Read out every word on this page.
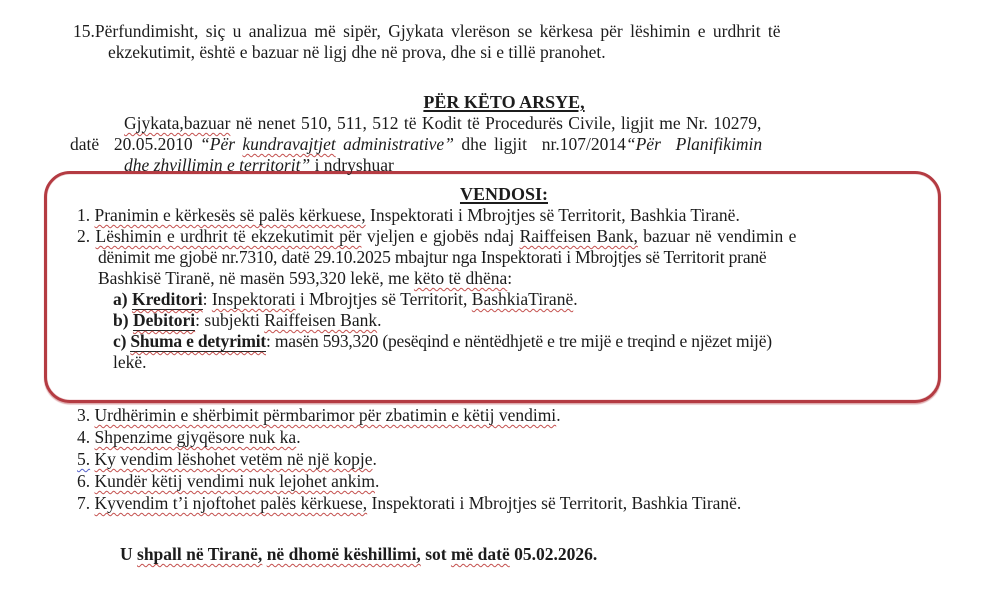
15.Përfundimisht, siç u analizua më sipër, Gjykata vlerëson se kërkesa për lëshimin e urdhrit të
ekzekutimit, është e bazuar në ligj dhe në prova, dhe si e tillë pranohet.
PËR KËTO ARSYE,
Gjykata,bazuar në nenet 510, 511, 512 të Kodit të Procedurës Civile, ligjit me Nr. 10279,
datë  20.05.2010 “Për kundravajtjet administrative” dhe ligjit  nr.107/2014“Për  Planifikimin
dhe zhvillimin e territorit” i ndryshuar
VENDOSI:
1. Pranimin e kërkesës së palës kërkuese, Inspektorati i Mbrojtjes së Territorit, Bashkia Tiranë.
2. Lëshimin e urdhrit të ekzekutimit për vjeljen e gjobës ndaj Raiffeisen Bank, bazuar në vendimin e
dënimit me gjobë nr.7310, datë 29.10.2025 mbajtur nga Inspektorati i Mbrojtjes së Territorit pranë
Bashkisë Tiranë, në masën 593,320 lekë, me këto të dhëna:
a) Kreditori: Inspektorati i Mbrojtjes së Territorit, BashkiaTiranë.
b) Debitori: subjekti Raiffeisen Bank.
c) Shuma e detyrimit: masën 593,320 (pesëqind e nëntëdhjetë e tre mijë e treqind e njëzet mijë)
lekë.
3. Urdhërimin e shërbimit përmbarimor për zbatimin e këtij vendimi.
4. Shpenzime gjyqësore nuk ka.
5. Ky vendim lëshohet vetëm në një kopje.
6. Kundër këtij vendimi nuk lejohet ankim.
7. Kyvendim t’i njoftohet palës kërkuese, Inspektorati i Mbrojtjes së Territorit, Bashkia Tiranë.
U shpall në Tiranë, në dhomë këshillimi, sot më datë 05.02.2026.
